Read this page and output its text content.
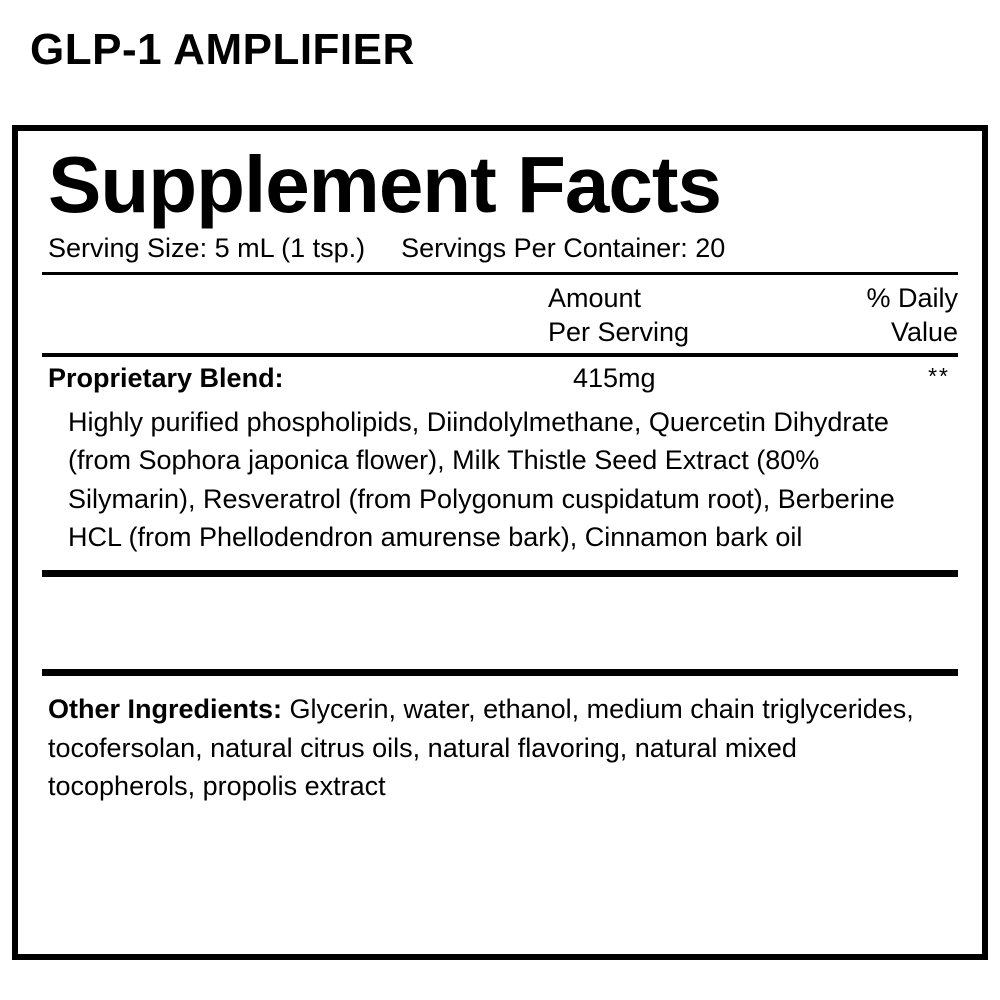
GLP-1 AMPLIFIER
Supplement Facts
Serving Size: 5 mL (1 tsp.) Servings Per Container: 20
Amount
Per Serving
% Daily
Value
Proprietary Blend:	415mg	**
Highly purified phospholipids, Diindolylmethane, Quercetin Dihydrate (from Sophora japonica flower), Milk Thistle Seed Extract (80% Silymarin), Resveratrol (from Polygonum cuspidatum root), Berberine HCL (from Phellodendron amurense bark), Cinnamon bark oil
Other Ingredients: Glycerin, water, ethanol, medium chain triglycerides, tocofersolan, natural citrus oils, natural flavoring, natural mixed tocopherols, propolis extract
